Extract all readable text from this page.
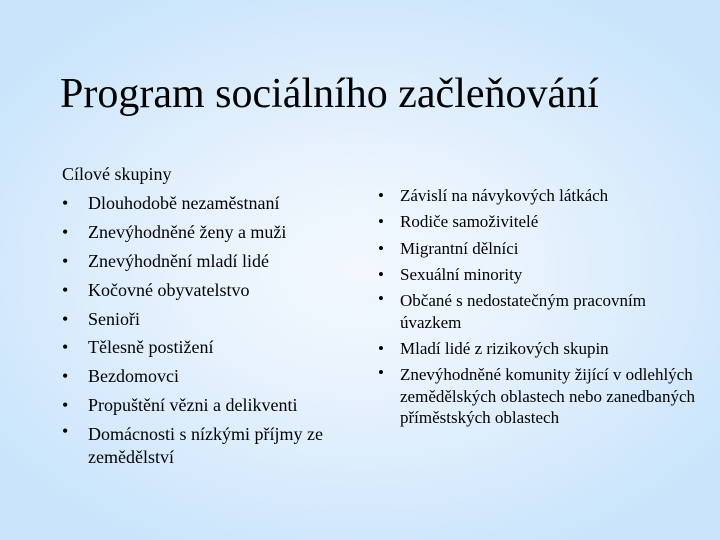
Program sociálního začleňování
Cílové skupiny
• Dlouhodobě nezaměstnaní
• Znevýhodněné ženy a muži
• Znevýhodnění mladí lidé
• Kočovné obyvatelstvo
• Senioři
• Tělesně postižení
• Bezdomovci
• Propuštění vězni a delikventi
• Domácnosti s nízkými příjmy ze zemědělství
• Závislí na návykových látkách
• Rodiče samoživitelé
• Migrantní dělníci
• Sexuální minority
• Občané s nedostatečným pracovním úvazkem
• Mladí lidé z rizikových skupin
• Znevýhodněné komunity žijící v odlehlých zemědělských oblastech nebo zanedbaných příměstských oblastech
